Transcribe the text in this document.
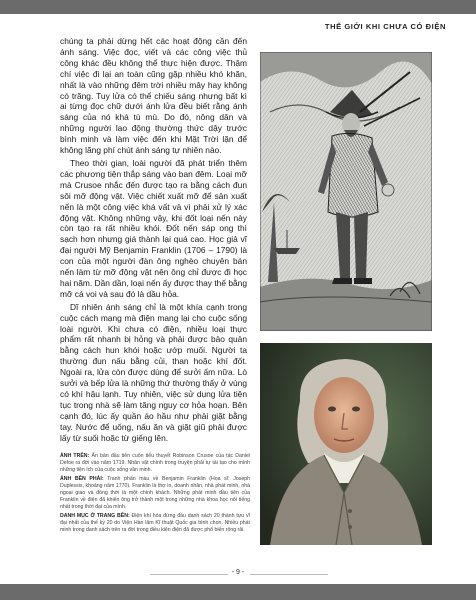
THẾ GIỚI KHI CHƯA CÓ ĐIỆN

chúng ta phải dừng hết các hoạt động cần đến ánh sáng. Việc đọc, viết và các công việc thủ công khác đều không thể thực hiện được. Thậm chí việc đi lại an toàn cũng gặp nhiều khó khăn, nhất là vào những đêm trời nhiều mây hay không có trăng. Tuy lửa có thể chiếu sáng nhưng bất kì ai từng đọc chữ dưới ánh lửa đều biết rằng ánh sáng của nó khá tù mù. Do đó, nông dân và những người lao động thường thức dậy trước bình minh và làm việc đến khi Mặt Trời lặn để không lãng phí chút ánh sáng tự nhiên nào.

Theo thời gian, loài người đã phát triển thêm các phương tiện thắp sáng vào ban đêm. Loại mỡ mà Crusoe nhắc đến được tạo ra bằng cách đun sôi mỡ động vật. Việc chiết xuất mỡ để sản xuất nến là một công việc khá vất vả vì phải xử lý xác động vật. Không những vậy, khi đốt loại nến này còn tạo ra rất nhiều khói. Đốt nến sáp ong thì sạch hơn nhưng giá thành lại quá cao. Học giả vĩ đại người Mỹ Benjamin Franklin (1706 – 1790) là con của một người đàn ông nghèo chuyên bán nến làm từ mỡ động vật nên ông chỉ được đi học hai năm. Dần dần, loại nến ấy được thay thế bằng mỡ cá voi và sau đó là dầu hỏa.

Dĩ nhiên ánh sáng chỉ là một khía cạnh trong cuộc cách mạng mà điện mang lại cho cuộc sống loài người. Khi chưa có điện, nhiều loại thực phẩm rất nhanh bị hỏng và phải được bảo quản bằng cách hun khói hoặc ướp muối. Người ta thường đun nấu bằng củi, than hoặc khí đốt. Ngoài ra, lửa còn được dùng để sưởi ấm nữa. Lò sưởi và bếp lửa là những thứ thường thấy ở vùng có khí hậu lạnh. Tuy nhiên, việc sử dụng lửa tiện tục trong nhà sẽ làm tăng nguy cơ hỏa hoạn. Bên cạnh đó, lúc ấy quần áo hầu như phải giặt bằng tay. Nước để uống, nấu ăn và giặt giũ phải được lấy từ suối hoặc từ giếng lên.

ẢNH TRÊN: Ấn bản đầu tiên cuốn tiểu thuyết Robinson Crusoe của tác Daniel Defoe ra đời vào năm 1719. Nhân vật chính trong truyện phải tự tái tạo cho mình những tiện ích của cuộc sống văn minh.

ẢNH BÊN PHẢI: Tranh phấn màu về Benjamin Franklin (Họa sĩ: Joseph Duplessis, khoảng năm 1770). Franklin là thợ in, doanh nhân, nhà phát minh, nhà ngoại giao và đồng thời là một chính khách. Những phát minh đầu tiên của Franklin về điện đã khiến ông trở thành một trong những nhà khoa học nổi tiếng nhất trong thời đại của mình.

DANH MỤC Ở TRANG BÊN: Điện khí hóa đứng đầu danh sách 20 thành tựu vĩ đại nhất của thế kỷ 20 do Viện Hàn lâm Kĩ thuật Quốc gia bình chọn. Nhiều phát minh trong danh sách trên ra đời trong điều kiện điện đã được phổ biến rộng rãi.

- 9 -
